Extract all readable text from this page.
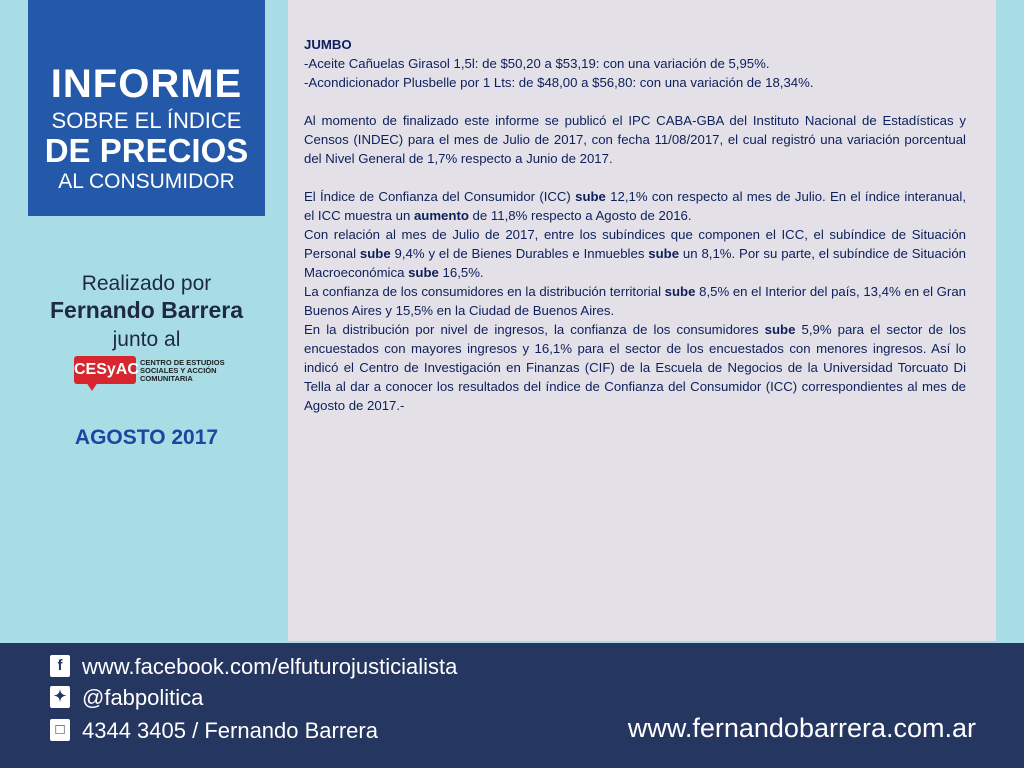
INFORME
SOBRE EL ÍNDICE
DE PRECIOS
AL CONSUMIDOR
Realizado por
Fernando Barrera
junto al
CESyAC CENTRO DE ESTUDIOS SOCIALES Y ACCIÓN COMUNITARIA
AGOSTO 2017

JUMBO

-Aceite Cañuelas Girasol 1,5l: de $50,20 a $53,19: con una variación de 5,95%.

-Acondicionador Plusbelle por 1 Lts: de $48,00 a $56,80: con una variación de 18,34%.

Al momento de finalizado este informe se publicó el IPC CABA-GBA del Instituto Nacional de Estadísticas y Censos (INDEC) para el mes de Julio de 2017, con fecha 11/08/2017, el cual registró una variación porcentual del Nivel General de 1,7% respecto a Junio de 2017.

El Índice de Confianza del Consumidor (ICC) sube 12,1% con respecto al mes de Julio. En el índice interanual, el ICC muestra un aumento de 11,8% respecto a Agosto de 2016.

Con relación al mes de Julio de 2017, entre los subíndices que componen el ICC, el subíndice de Situación Personal sube 9,4% y el de Bienes Durables e Inmuebles sube un 8,1%. Por su parte, el subíndice de Situación Macroeconómica sube 16,5%.

La confianza de los consumidores en la distribución territorial sube 8,5% en el Interior del país, 13,4% en el Gran Buenos Aires y 15,5% en la Ciudad de Buenos Aires.

En la distribución por nivel de ingresos, la confianza de los consumidores sube 5,9% para el sector de los encuestados con mayores ingresos y 16,1% para el sector de los encuestados con menores ingresos. Así lo indicó el Centro de Investigación en Finanzas (CIF) de la Escuela de Negocios de la Universidad Torcuato Di Tella al dar a conocer los resultados del índice de Confianza del Consumidor (ICC) correspondientes al mes de Agosto de 2017.-

f www.facebook.com/elfuturojusticialista
✦ @fabpolitica
□ 4344 3405 / Fernando Barrera	www.fernandobarrera.com.ar
